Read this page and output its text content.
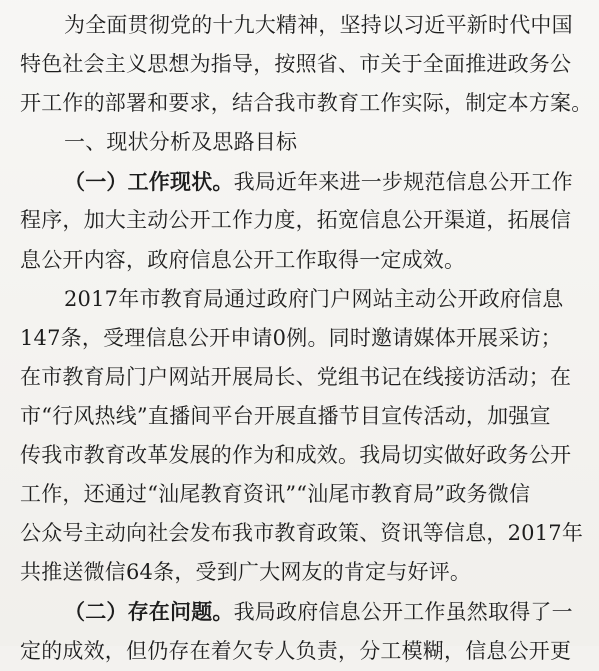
为全面贯彻党的十九大精神，坚持以习近平新时代中国
特色社会主义思想为指导，按照省、市关于全面推进政务公
开工作的部署和要求，结合我市教育工作实际，制定本方案。
一、现状分析及思路目标
（一）工作现状。我局近年来进一步规范信息公开工作
程序，加大主动公开工作力度，拓宽信息公开渠道，拓展信
息公开内容，政府信息公开工作取得一定成效。
2017年市教育局通过政府门户网站主动公开政府信息
147条，受理信息公开申请0例。同时邀请媒体开展采访；
在市教育局门户网站开展局长、党组书记在线接访活动；在
市“行风热线”直播间平台开展直播节目宣传活动，加强宣
传我市教育改革发展的作为和成效。我局切实做好政务公开
工作，还通过“汕尾教育资讯”“汕尾市教育局”政务微信
公众号主动向社会发布我市教育政策、资讯等信息，2017年
共推送微信64条，受到广大网友的肯定与好评。
（二）存在问题。我局政府信息公开工作虽然取得了一
定的成效，但仍存在着欠专人负责，分工模糊，信息公开更
